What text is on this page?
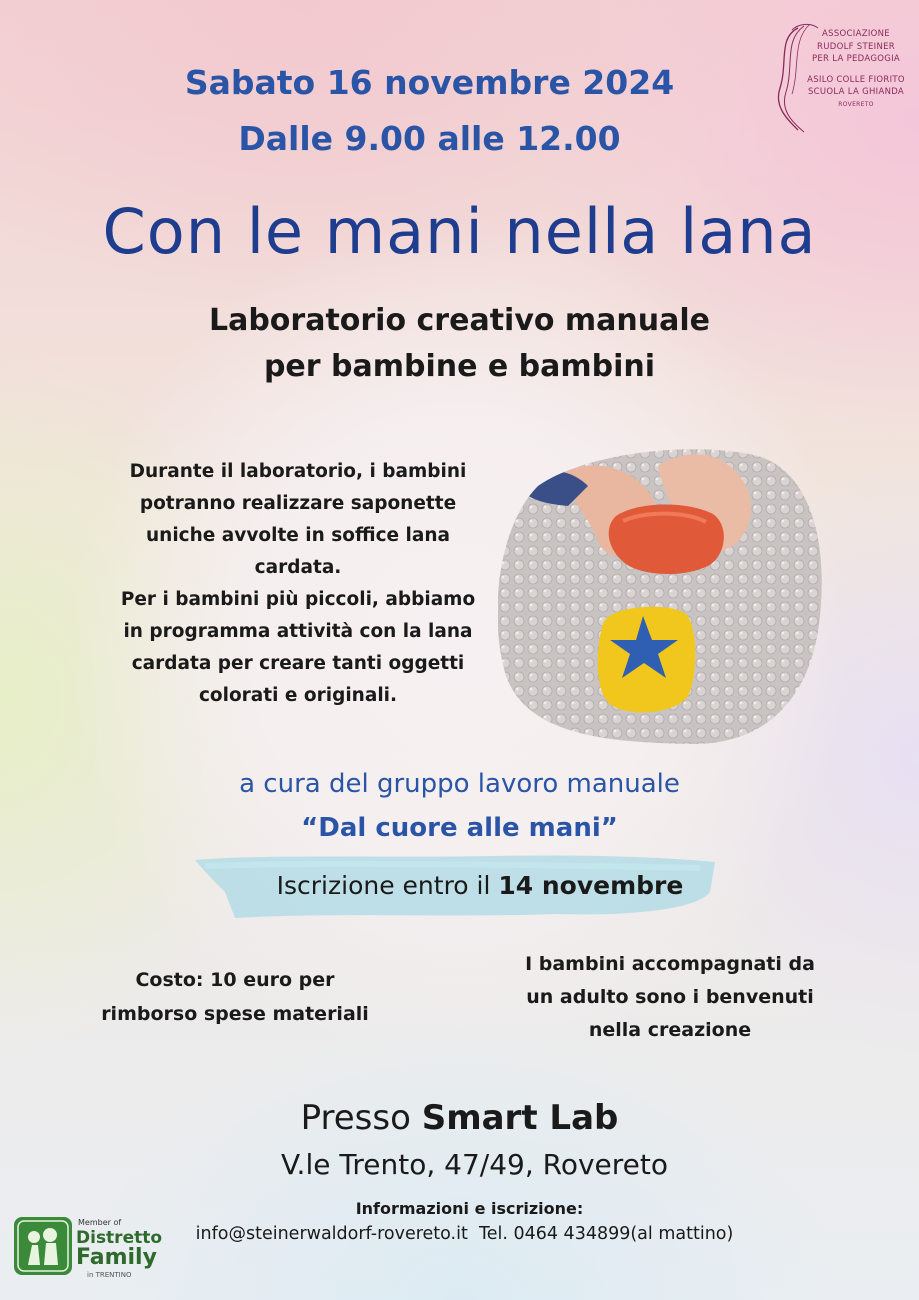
ASSOCIAZIONE
RUDOLF STEINER
PER LA PEDAGOGIA
ASILO COLLE FIORITO
SCUOLA LA GHIANDA
ROVERETO
Sabato 16 novembre 2024
Dalle 9.00 alle 12.00
Con le mani nella lana
Laboratorio creativo manuale
per bambine e bambini
Durante il laboratorio, i bambini
potranno realizzare saponette
uniche avvolte in soffice lana
cardata.
Per i bambini più piccoli, abbiamo
in programma attività con la lana
cardata per creare tanti oggetti
colorati e originali.
a cura del gruppo lavoro manuale
“Dal cuore alle mani”
Iscrizione entro il 14 novembre
Costo: 10 euro per
rimborso spese materiali
I bambini accompagnati da
un adulto sono i benvenuti
nella creazione
Presso Smart Lab
V.le Trento, 47/49, Rovereto
Informazioni e iscrizione:
info@steinerwaldorf-rovereto.it Tel. 0464 434899(al mattino)
Member of
Distretto
Family
in TRENTINO
